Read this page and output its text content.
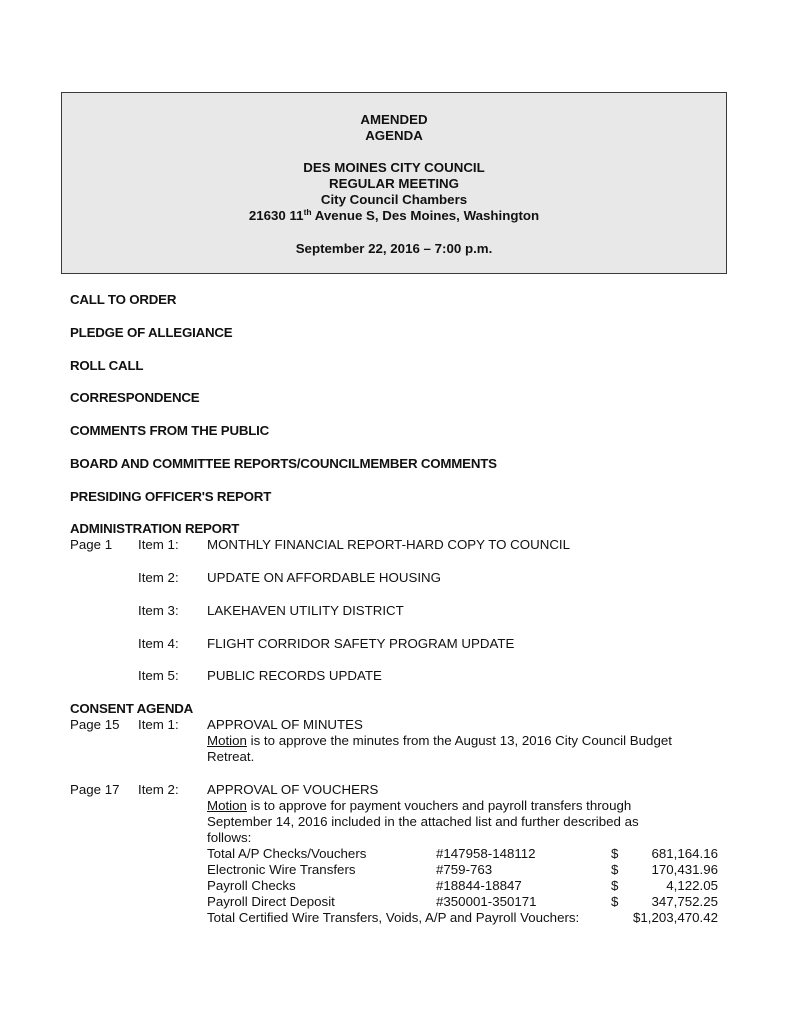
AMENDED
AGENDA
DES MOINES CITY COUNCIL
REGULAR MEETING
City Council Chambers
21630 11th Avenue S, Des Moines, Washington
September 22, 2016 – 7:00 p.m.
CALL TO ORDER
PLEDGE OF ALLEGIANCE
ROLL CALL
CORRESPONDENCE
COMMENTS FROM THE PUBLIC
BOARD AND COMMITTEE REPORTS/COUNCILMEMBER COMMENTS
PRESIDING OFFICER'S REPORT
ADMINISTRATION REPORT
Page 1 Item 1: MONTHLY FINANCIAL REPORT-HARD COPY TO COUNCIL
Item 2: UPDATE ON AFFORDABLE HOUSING
Item 3: LAKEHAVEN UTILITY DISTRICT
Item 4: FLIGHT CORRIDOR SAFETY PROGRAM UPDATE
Item 5: PUBLIC RECORDS UPDATE
CONSENT AGENDA
Page 15 Item 1: APPROVAL OF MINUTES
Motion is to approve the minutes from the August 13, 2016 City Council Budget
Retreat.
Page 17 Item 2: APPROVAL OF VOUCHERS
Motion is to approve for payment vouchers and payroll transfers through
September 14, 2016 included in the attached list and further described as
follows:
Total A/P Checks/Vouchers	#147958-148112	$ 681,164.16
Electronic Wire Transfers	#759-763	$ 170,431.96
Payroll Checks	#18844-18847	$	4,122.05
Payroll Direct Deposit	#350001-350171	$ 347,752.25
Total Certified Wire Transfers, Voids, A/P and Payroll Vouchers:	$1,203,470.42
